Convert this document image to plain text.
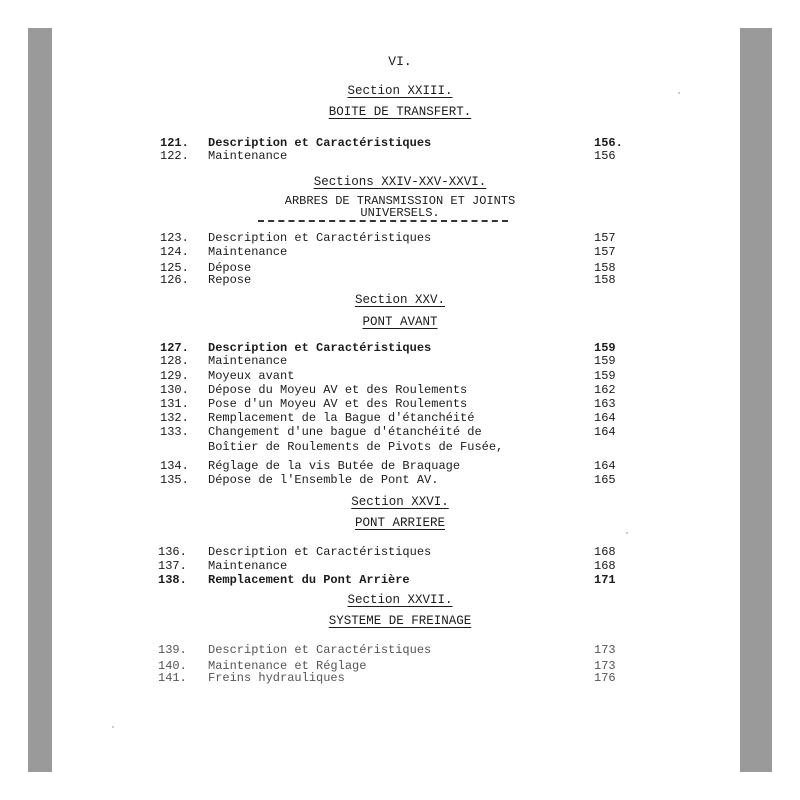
VI.
Section XXIII.
BOITE DE TRANSFERT.
121.	Description et Caractéristiques	156.
122.	Maintenance	156
Sections XXIV-XXV-XXVI.
ARBRES DE TRANSMISSION ET JOINTS
UNIVERSELS.
123.	Description et Caractéristiques	157
124.	Maintenance	157
125.	Dépose	158
126.	Repose	158
Section XXV.
PONT AVANT
127.	Description et Caractéristiques	159
128.	Maintenance	159
129.	Moyeux avant	159
130.	Dépose du Moyeu AV et des Roulements	162
131.	Pose d'un Moyeu AV et des Roulements	163
132.	Remplacement de la Bague d'étanchéité	164
133.	Changement d'une bague d'étanchéité de	164
Boîtier de Roulements de Pivots de Fusée,
134.	Réglage de la vis Butée de Braquage	164
135.	Dépose de l'Ensemble de Pont AV.	165
Section XXVI.
PONT ARRIERE
136.	Description et Caractéristiques	168
137.	Maintenance	168
138.	Remplacement du Pont Arrière	171
Section XXVII.
SYSTEME DE FREINAGE
139.	Description et Caractéristiques	173
140.	Maintenance et Réglage	173
141.	Freins hydrauliques	176
